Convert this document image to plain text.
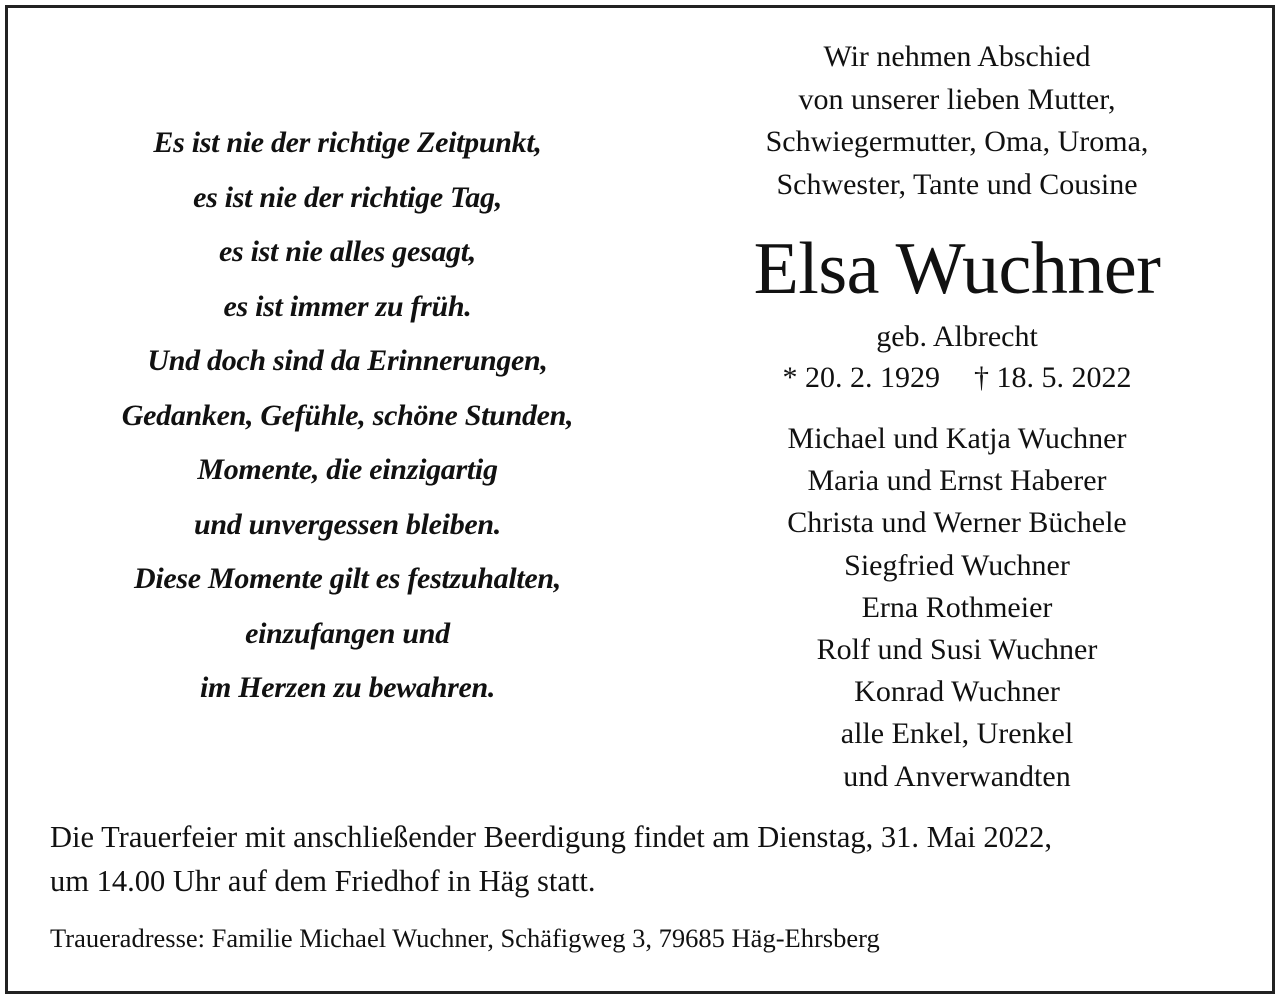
Es ist nie der richtige Zeitpunkt,
es ist nie der richtige Tag,
es ist nie alles gesagt,
es ist immer zu früh.
Und doch sind da Erinnerungen,
Gedanken, Gefühle, schöne Stunden,
Momente, die einzigartig
und unvergessen bleiben.
Diese Momente gilt es festzuhalten,
einzufangen und
im Herzen zu bewahren.
Wir nehmen Abschied
von unserer lieben Mutter,
Schwiegermutter, Oma, Uroma,
Schwester, Tante und Cousine
Elsa Wuchner
geb. Albrecht
* 20. 2. 1929 † 18. 5. 2022
Michael und Katja Wuchner
Maria und Ernst Haberer
Christa und Werner Büchele
Siegfried Wuchner
Erna Rothmeier
Rolf und Susi Wuchner
Konrad Wuchner
alle Enkel, Urenkel
und Anverwandten
Die Trauerfeier mit anschließender Beerdigung findet am Dienstag, 31. Mai 2022,
um 14.00 Uhr auf dem Friedhof in Häg statt.
Traueradresse: Familie Michael Wuchner, Schäfigweg 3, 79685 Häg-Ehrsberg
